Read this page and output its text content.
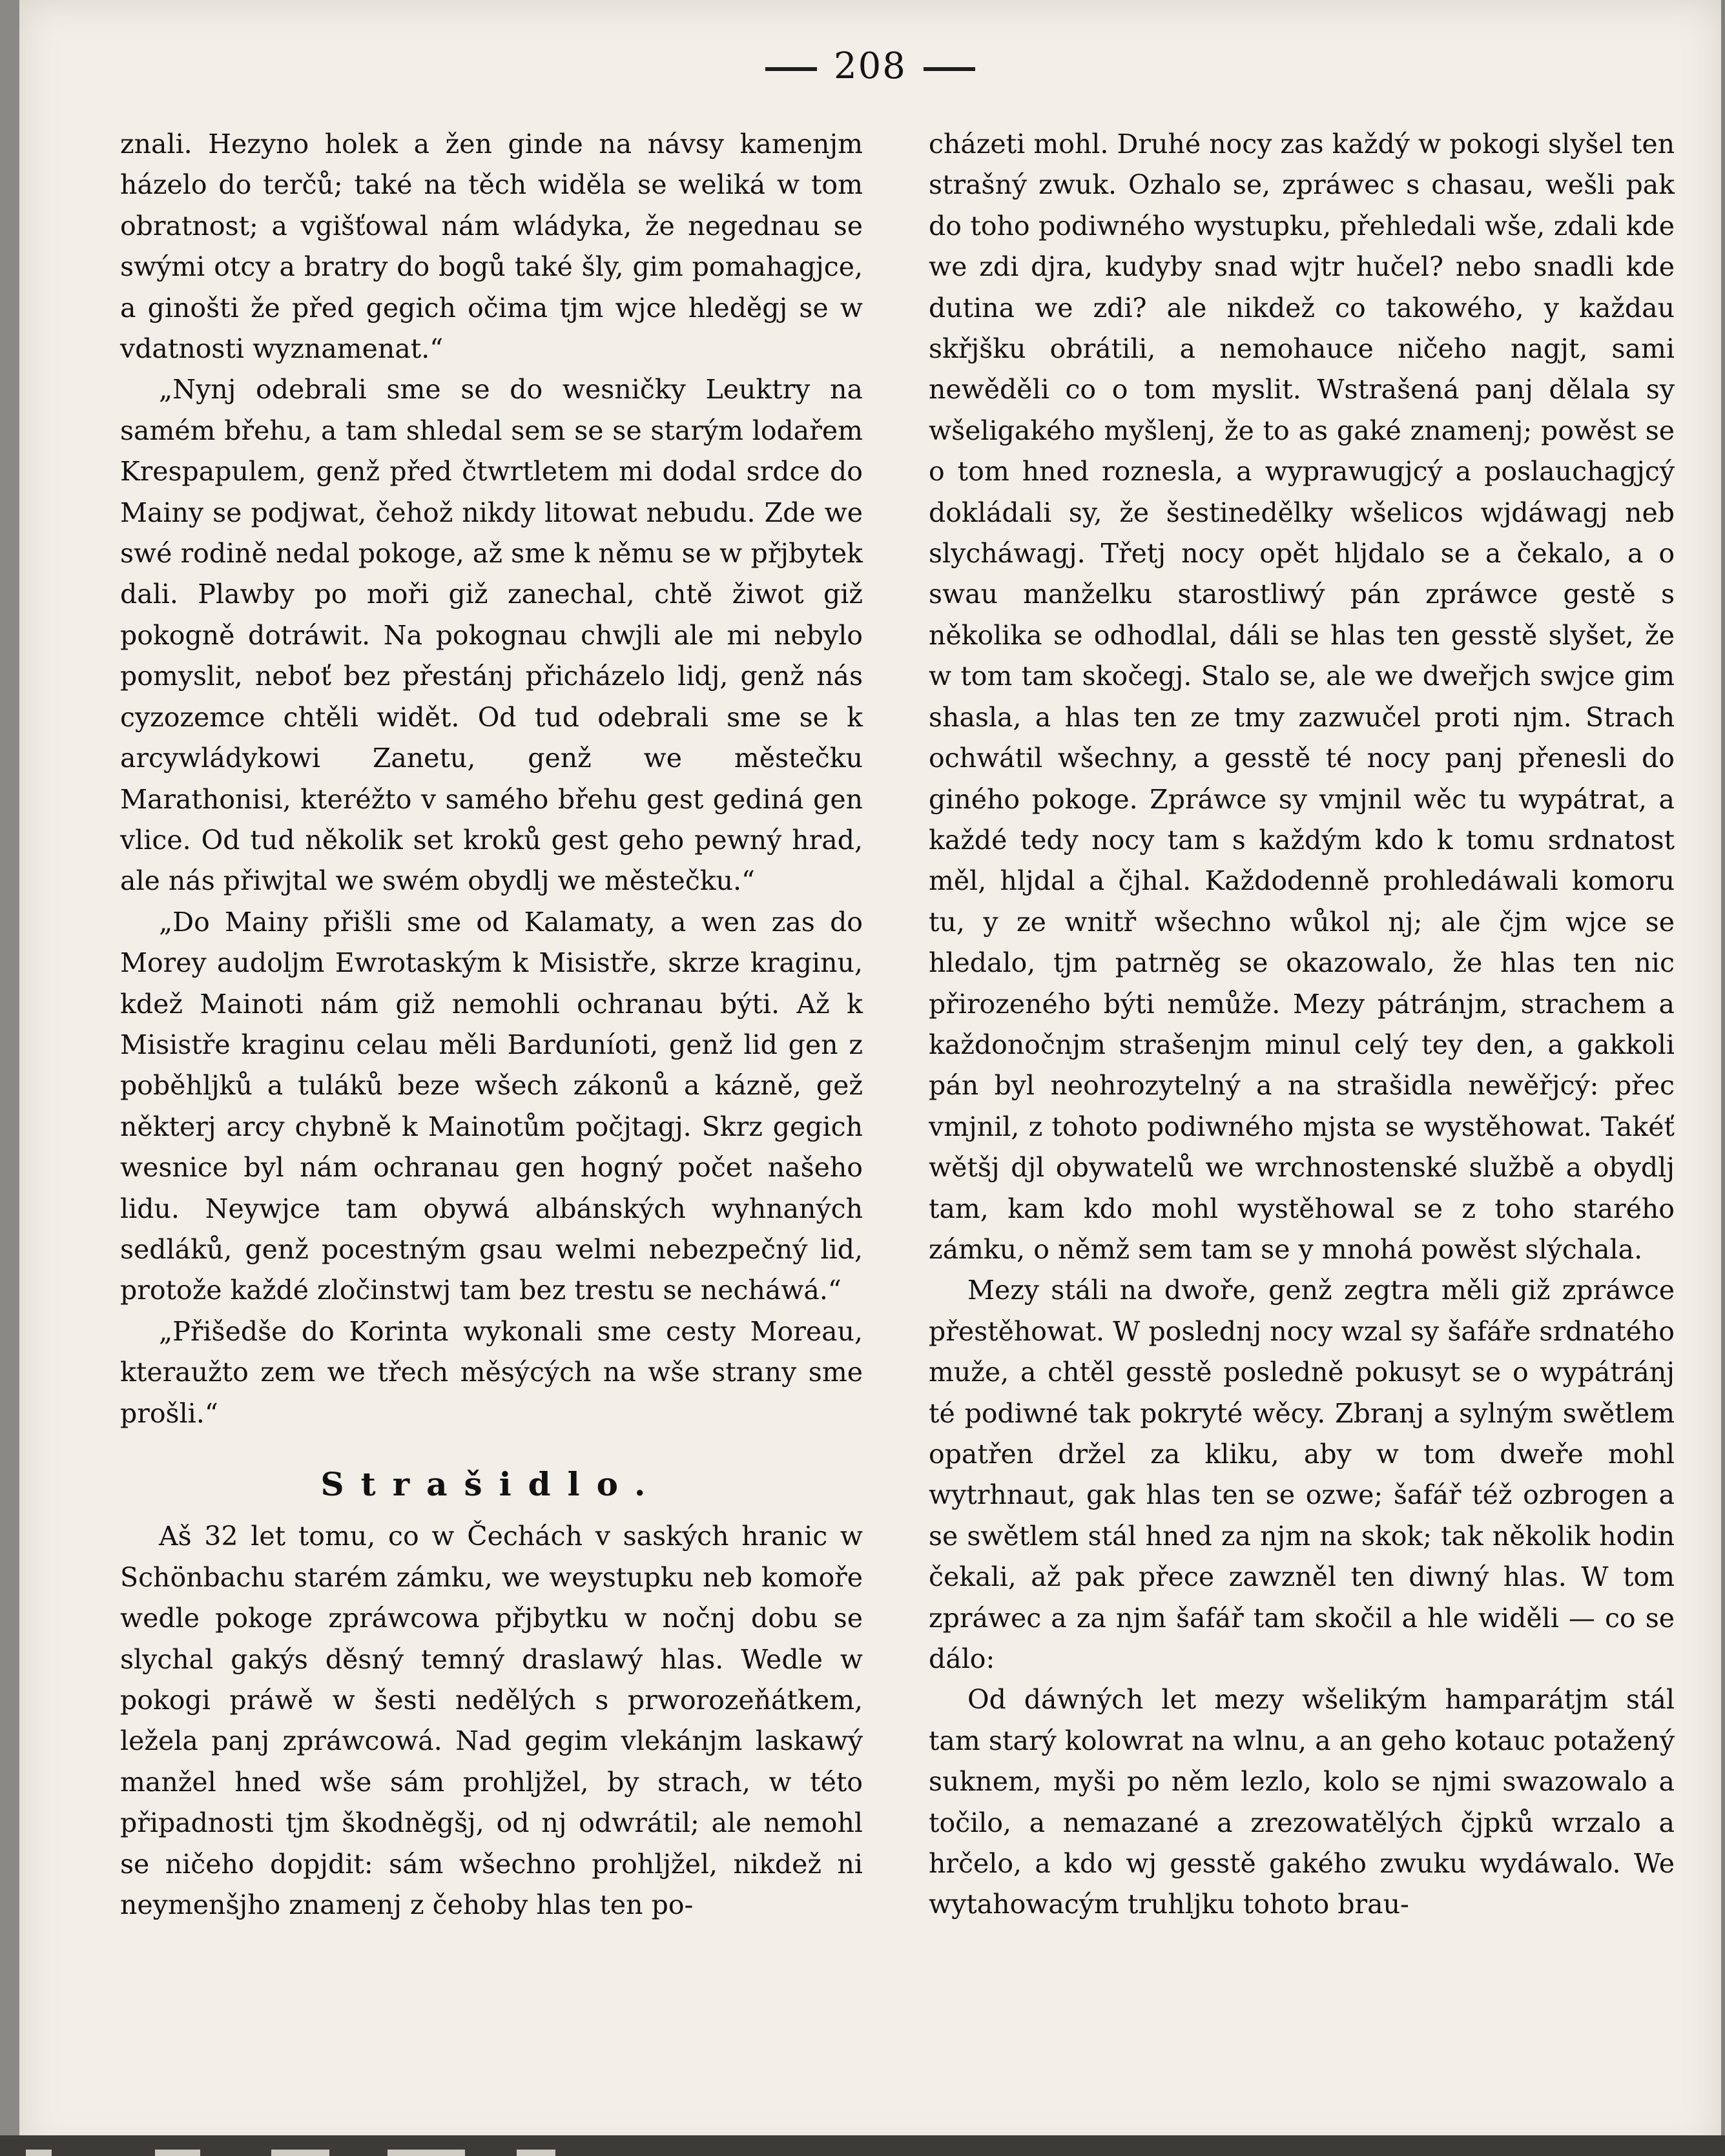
208

znali. Hezyno holek a žen ginde na návsy kamenjm házelo do terčů; také na těch widěla se weliká w tom obratnost; a vgišťowal nám wládyka, že negednau se swými otcy a bratry do bogů také šly, gim pomahagjce, a ginošti že před gegich očima tjm wjce hleděgj se w vdatnosti wyznamenat.“

„Nynj odebrali sme se do wesničky Leuktry na samém břehu, a tam shledal sem se se starým lodařem Krespapulem, genž před čtwrtletem mi dodal srdce do Mainy se podjwat, čehož nikdy litowat nebudu. Zde we swé rodině nedal pokoge, až sme k němu se w přjbytek dali. Plawby po moři giž zanechal, chtě žiwot giž pokogně dotráwit. Na pokognau chwjli ale mi nebylo pomyslit, neboť bez přestánj přicházelo lidj, genž nás cyzozemce chtěli widět. Od tud odebrali sme se k arcywládykowi Zanetu, genž we městečku Marathonisi, kteréžto v samého břehu gest gediná gen vlice. Od tud několik set kroků gest geho pewný hrad, ale nás přiwjtal we swém obydlj we městečku.“

„Do Mainy přišli sme od Kalamaty, a wen zas do Morey audoljm Ewrotaským k Misistře, skrze kraginu, kdež Mainoti nám giž nemohli ochranau býti. Až k Misistře kraginu celau měli Barduníoti, genž lid gen z poběhljků a tuláků beze wšech zákonů a kázně, gež některj arcy chybně k Mainotům počjtagj. Skrz gegich wesnice byl nám ochranau gen hogný počet našeho lidu. Neywjce tam obywá albánských wyhnaných sedláků, genž pocestným gsau welmi nebezpečný lid, protože každé zločinstwj tam bez trestu se necháwá.“

„Přišedše do Korinta wykonali sme cesty Moreau, kteraužto zem we třech měsýcých na wše strany sme prošli.“

Strašidlo.

Aš 32 let tomu, co w Čechách v saských hranic w Schönbachu starém zámku, we weystupku neb komoře wedle pokoge zpráwcowa přjbytku w nočnj dobu se slychal gakýs děsný temný draslawý hlas. Wedle w pokogi práwě w šesti nedělých s prworozeňátkem, ležela panj zpráwcowá. Nad gegim vlekánjm laskawý manžel hned wše sám prohljžel, by strach, w této připadnosti tjm škodněgšj, od nj odwrátil; ale nemohl se ničeho dopjdit: sám wšechno prohljžel, nikdež ni neymenšjho znamenj z čehoby hlas ten po-

cházeti mohl. Druhé nocy zas každý w pokogi slyšel ten strašný zwuk. Ozhalo se, zpráwec s chasau, wešli pak do toho podiwného wystupku, přehledali wše, zdali kde we zdi djra, kudyby snad wjtr hučel? nebo snadli kde dutina we zdi? ale nikdež co takowého, y každau skřjšku obrátili, a nemohauce ničeho nagjt, sami newěděli co o tom myslit. Wstrašená panj dělala sy wšeligakého myšlenj, že to as gaké znamenj; powěst se o tom hned roznesla, a wyprawugjcý a poslauchagjcý dokládali sy, že šestinedělky wšelicos wjdáwagj neb slycháwagj. Třetj nocy opět hljdalo se a čekalo, a o swau manželku starostliwý pán zpráwce gestě s několika se odhodlal, dáli se hlas ten gesstě slyšet, že w tom tam skočegj. Stalo se, ale we dweřjch swjce gim shasla, a hlas ten ze tmy zazwučel proti njm. Strach ochwátil wšechny, a gesstě té nocy panj přenesli do giného pokoge. Zpráwce sy vmjnil wěc tu wypátrat, a každé tedy nocy tam s každým kdo k tomu srdnatost měl, hljdal a čjhal. Každodenně prohledáwali komoru tu, y ze wnitř wšechno wůkol nj; ale čjm wjce se hledalo, tjm patrněg se okazowalo, že hlas ten nic přirozeného býti nemůže. Mezy pátránjm, strachem a každonočnjm strašenjm minul celý tey den, a gakkoli pán byl neohrozytelný a na strašidla newěřjcý: přec vmjnil, z tohoto podiwného mjsta se wystěhowat. Takéť wětšj djl obywatelů we wrchnostenské službě a obydlj tam, kam kdo mohl wystěhowal se z toho starého zámku, o němž sem tam se y mnohá powěst slýchala.

Mezy stáli na dwoře, genž zegtra měli giž zpráwce přestěhowat. W poslednj nocy wzal sy šafáře srdnatého muže, a chtěl gesstě posledně pokusyt se o wypátránj té podiwné tak pokryté wěcy. Zbranj a sylným swětlem opatřen držel za kliku, aby w tom dweře mohl wytrhnaut, gak hlas ten se ozwe; šafář též ozbrogen a se swětlem stál hned za njm na skok; tak několik hodin čekali, až pak přece zawzněl ten diwný hlas. W tom zpráwec a za njm šafář tam skočil a hle widěli — co se dálo:

Od dáwných let mezy wšelikým hamparátjm stál tam starý kolowrat na wlnu, a an geho kotauc potažený suknem, myši po něm lezlo, kolo se njmi swazowalo a točilo, a nemazané a zrezowatělých čjpků wrzalo a hrčelo, a kdo wj gesstě gakého zwuku wydáwalo. We wytahowacým truhljku tohoto brau-
